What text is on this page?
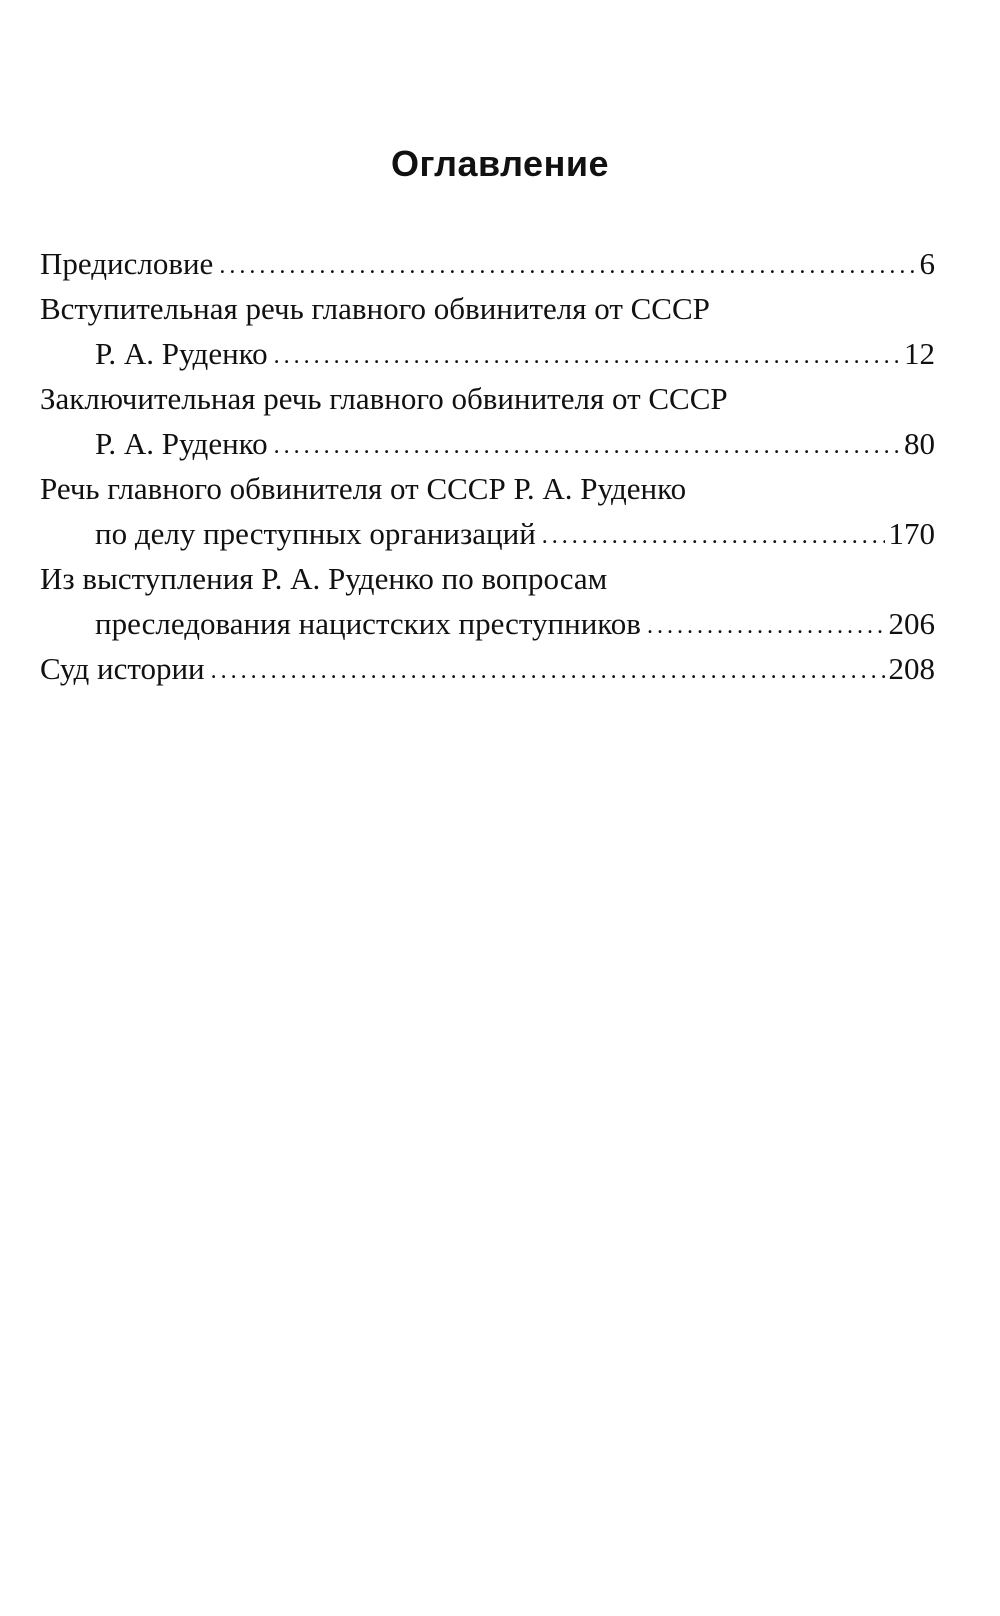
Оглавление
Предисловие . . .	6
Вступительная речь главного обвинителя от СССР
Р. А. Руденко . . .	12
Заключительная речь главного обвинителя от СССР
Р. А. Руденко . . .	80
Речь главного обвинителя от СССР Р. А. Руденко
по делу преступных организаций . . .	170
Из выступления Р. А. Руденко по вопросам
преследования нацистских преступников . . .	206
Суд истории . . .	208
